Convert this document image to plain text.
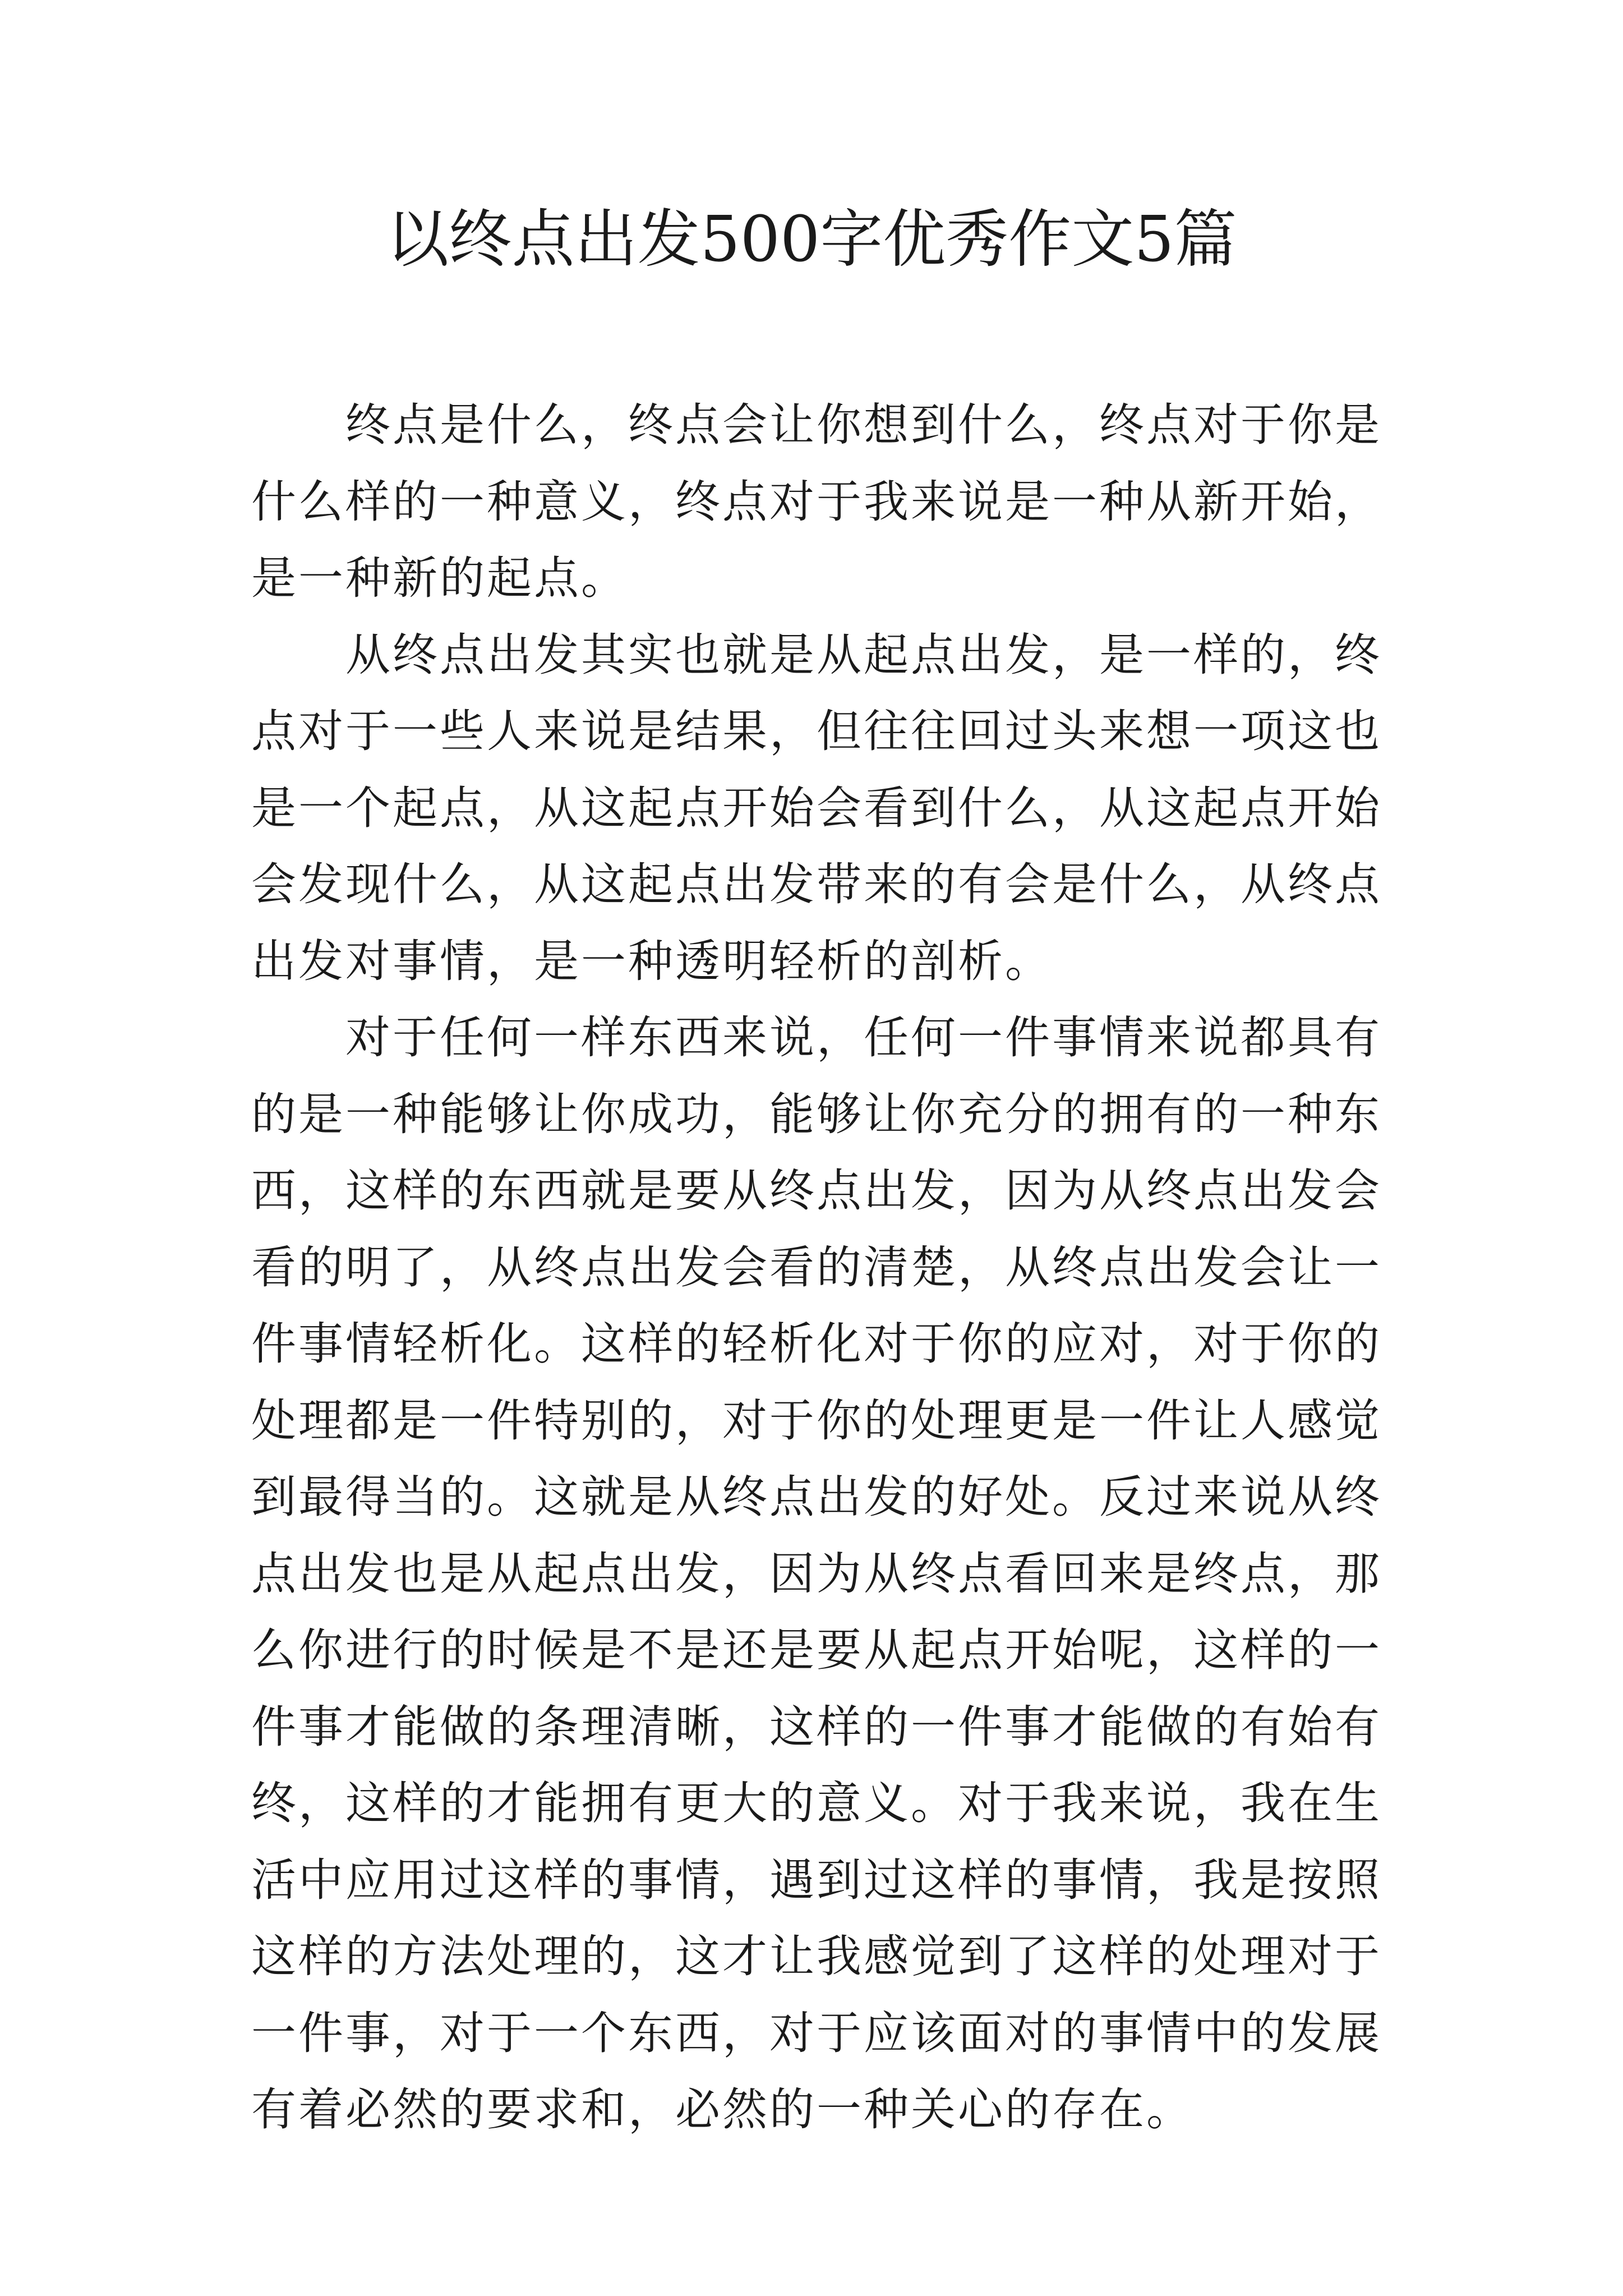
以终点出发500字优秀作文5篇

终点是什么，终点会让你想到什么，终点对于你是什么样的一种意义，终点对于我来说是一种从新开始，是一种新的起点。

从终点出发其实也就是从起点出发，是一样的，终点对于一些人来说是结果，但往往回过头来想一项这也是一个起点，从这起点开始会看到什么，从这起点开始会发现什么，从这起点出发带来的有会是什么，从终点出发对事情，是一种透明轻析的剖析。

对于任何一样东西来说，任何一件事情来说都具有的是一种能够让你成功，能够让你充分的拥有的一种东西，这样的东西就是要从终点出发，因为从终点出发会看的明了，从终点出发会看的清楚，从终点出发会让一件事情轻析化。这样的轻析化对于你的应对，对于你的处理都是一件特别的，对于你的处理更是一件让人感觉到最得当的。这就是从终点出发的好处。反过来说从终点出发也是从起点出发，因为从终点看回来是终点，那么你进行的时候是不是还是要从起点开始呢，这样的一件事才能做的条理清晰，这样的一件事才能做的有始有终，这样的才能拥有更大的意义。对于我来说，我在生活中应用过这样的事情，遇到过这样的事情，我是按照这样的方法处理的，这才让我感觉到了这样的处理对于一件事，对于一个东西，对于应该面对的事情中的发展有着必然的要求和，必然的一种关心的存在。
